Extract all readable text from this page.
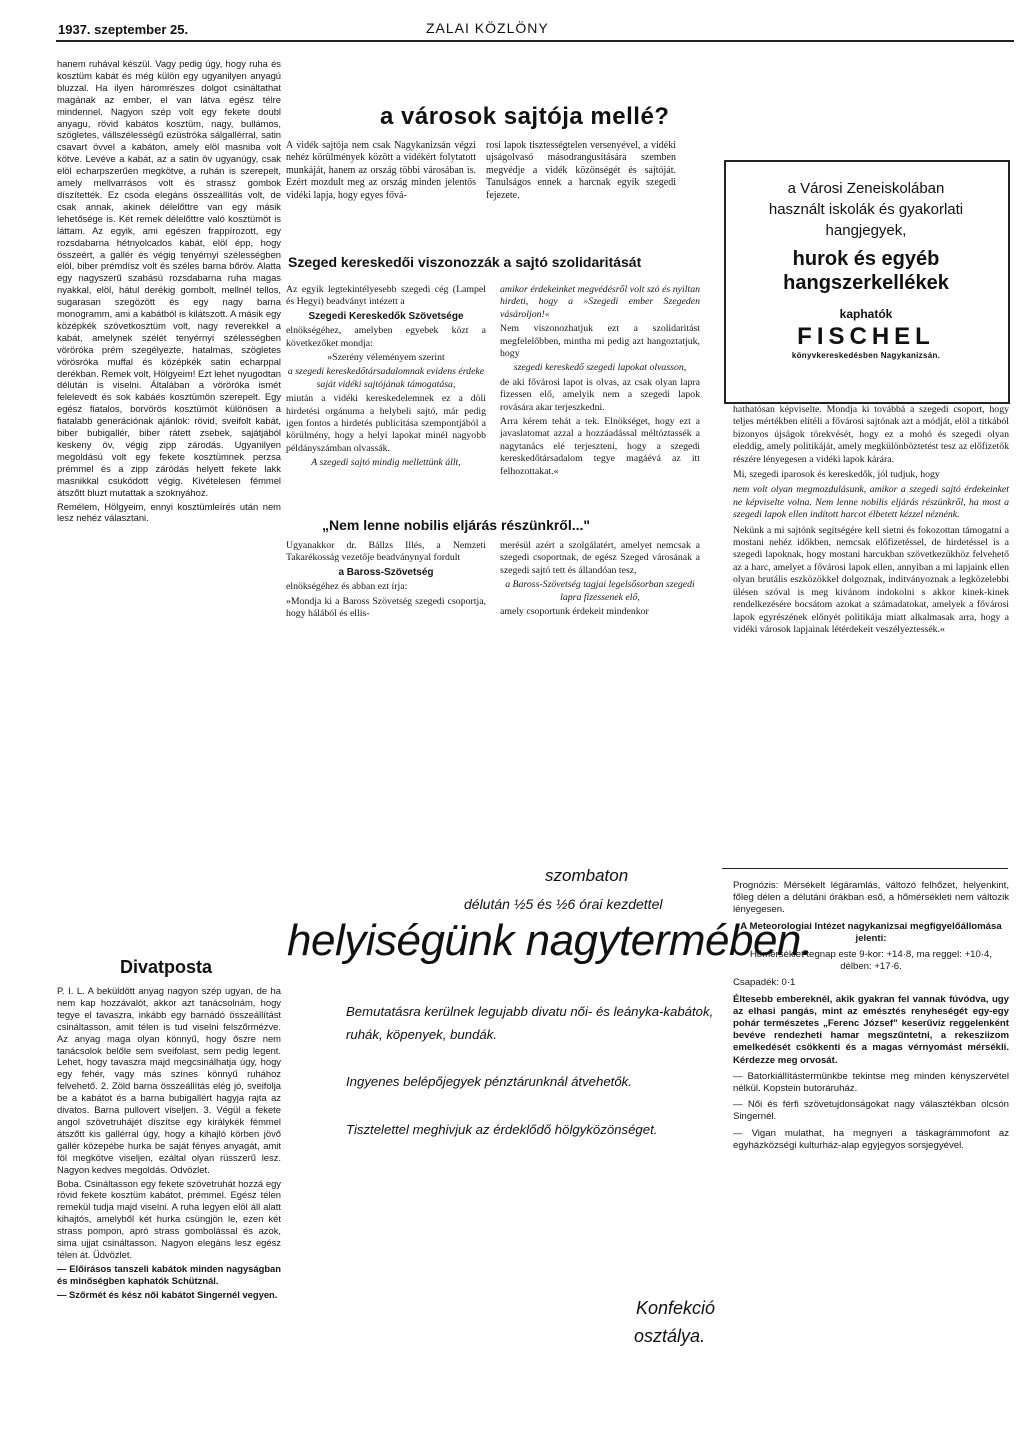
1937. szeptember 25.	ZALAI KÖZLÖNY

hanem ruhával készül. Vagy pedig úgy, hogy ruha és kosztüm kabát és még külön egy ugyanilyen anyagú bluzzal. Ha ilyen háromrészes dolgot csináltathat magának az ember, el van látva egész télre mindennel. Nagyon szép volt egy fekete doubl anyagu, rövid kabátos kosztüm, nagy, bullámos, szögletes, vállszélességű ezüstróka sálgallérral, satin csavart övvel a kabáton, amely elöl masniba volt kötve. Levéve a kabát, az a satin öv ugyanúgy, csak elöl echarpszerűen megkötve, a ruhán is szerepelt, amely mellvarrásos volt és strassz gombok díszítették. Ez csoda elegáns összeállítás volt, de csak annak, akinek délelőttre van egy másik lehetősége is. Két remek délelőttre való kosztümöt is láttam. Az egyik, ami egészen frappírozott, egy rozsdabarna hétnyolcados kabát, elöl épp, hogy összeért, a gallér és végig tenyérnyi szélességben elöl, biber prémdísz volt és széles barna bőröv. Alatta egy nagyszerű szabású rozsdabarna ruha magas nyakkal, elöl, hátul derékig gombolt, mellnél tellos, sugarasan szegözött és egy nagy barna monogramm, ami a kabátból is kilátszott. A másik egy középkék szövetkosztüm volt, nagy reverekkel a kabát, amelynek szélét tenyérnyi szélességben vöröróka prém szegélyezte, hatalmas, szögletes vörösróka muffal és középkék satin echarppal derékban. Remek volt, Hölgyeim! Ezt lehet nyugodtan délután is viselni. Általában a vöröróka ismét felelevedt és sok kabáés kosztümön szerepelt. Egy egész fiatalos, borvörös kosztümöt különösen a fiatalabb generációnak ajánlok: rövid, sveifolt kabát, biber bubigallér, biber rátett zsebek, sajátjából keskeny öv, végig zipp zárodás. Ugyanilyen megoldású volt egy fekete kosztümnek perzsa prémmel és a zipp záródás helyett fekete lakk masnikkal csukódott végig. Kivételesen fémmel átszőtt bluzt mutattak a szoknyához.

Remélem, Hölgyeim, ennyi kosztümleírés után nem lesz nehéz választani.

Divatposta

P. I. L. A beküldött anyag nagyon szép ugyan, de ha nem kap hozzávalót, akkor azt tanácsolnám, hogy tegye el tavaszra, inkább egy barnádó összeállítást csináltasson, amit télen is tud viselni felszőrmézve. Az anyag maga olyan könnyű, hogy őszre nem tanácsolok belőle sem sveifolast, sem pedig legent. Lehet, hogy tavaszra majd megcsinálhatja úgy, hogy egy fehér, vagy más színes könnyű ruhához felvehető. 2. Zöld barna összeállítás elég jó, sveifolja be a kabátot és a barna bubigallért hagyja rajta az divatos. Barna pullovert viseljen. 3. Végül a fekete angol szövetruhájét díszítse egy királykék fémmel átszőtt kis gallérral úgy, hogy a kihajló körben jövő gallér közepébe hurka be saját fényes anyagát, amit föl megkötve viseljen, ezáltal olyan rüsszerű lesz. Nagyon kedves megoldás. Odvözlet.

Boba. Csináltasson egy fekete szövetruhát hozzá egy rövid fekete kosztüm kabátot, prémmel. Egész télen remekül tudja majd viselni. A ruha legyen elöl áll alatt kihajtós, amelyből két hurka csüngjön le, ezen két strass pompon, apró strass gombolással és azok, sima ujjat csináltasson. Nagyon elegáns lesz egész télen át. Üdvözlet.

— Előírásos tanszeli kabátok minden nagyságban és minőségben kaphatók Schütznál.

— Szőrmét és kész női kabátot Singernél vegyen.

a városok sajtója mellé?
A vidék sajtója nem csak Nagykanizsán végzi nehéz körülmények között a vidékért folytatott munkáját, hanem az ország többi városában is. Ezért mozdult meg az ország minden jelentős vidéki lapja, hogy egyes fővá-
rosi lapok tisztességtelen versenyével, a vidéki ujságolvasó másodrangusítására szemben megvédje a vidék közönségét és sajtóját. Tanulságos ennek a harcnak egyik szegedi fejezete.
Szeged kereskedői viszonozzák a sajtó szolidaritását

Az egyik legtekintélyesebb szegedi cég (Lampel és Hegyi) beadványt intézett a

Szegedi Kereskedők Szövetsége

elnökségéhez, amelyben egyebek közt a következőket mondja:

»Szerény véleményem szerint

a szegedi kereskedőtársadalomnak evidens érdeke saját vidéki sajtójának támogatása,

miután a vidéki kereskedelemnek ez a döli hirdetési orgánuma a helybeli sajtó, már pedig igen fontos a hirdetés publicitása szempontjából a körülmény, hogy a helyi lapokat minél nagyobb példányszámban olvassák.

A szegedi sajtó mindig mellettünk állt,

amikor érdekeinket megvédésről volt szó és nyiltan hirdeti, hogy a »Szegedi ember Szegeden vásároljon!«

Nem viszonozhatjuk ezt a szolidaritást megfelelőbben, mintha mi pedig azt hangoztatjuk, hogy

szegedi kereskedő szegedi lapokat olvasson,

de aki fővárosi lapot is olvas, az csak olyan lapra fizessen elő, amelyik nem a szegedi lapok rovására akar terjeszkedni.

Arra kérem tehát a tek. Elnökséget, hogy ezt a javaslatomat azzal a hozzáadással méltóztassék a nagytanács elé terjeszteni, hogy a szegedi kereskedőtársadalom tegye magáévá az itt felhozottakat.«

„Nem lenne nobilis eljárás részünkről..."

Ugyanakkor dr. Bállzs Illés, a Nemzeti Takarékosság vezetője beadványnyal fordult

a Baross-Szövetség

elnökségéhez és abban ezt írja:

»Mondja ki a Baross Szövetség szegedi csoportja, hogy hálából és ellis-

merésül azért a szolgálatért, amelyet nemcsak a szegedi csoportnak, de egész Szeged városának a szegedi sajtó tett és állandóan tesz,

a Baross-Szövetség tagjai legelsősorban szegedi lapra fizessenek elő,

amely csoportunk érdekeit mindenkor

a Városi Zeneiskolában
használt iskolák és gyakorlati hangjegyek,
hurok és egyéb hangszerkellékek
kaphatók
FISCHEL
könyvkereskedésben Nagykanizsán.

hathatósan képviselte. Mondja ki továbbá a szegedi csoport, hogy teljes mértékben elítéli a fővárosi sajtónak azt a módját, elöl a titkából bizonyos újságok törekvését, hogy ez a mohó és szegedi olyan eleddig, amely politikáját, amely megkülönböztetést tesz az előfizetők részére lényegesen a vidéki lapok kárára.

Mi, szegedi iparosok és kereskedők, jól tudjuk, hogy

nem volt olyan megmozdulásunk, amikor a szegedi sajtó érdekeinket ne képviselte volna. Nem lenne nobilis eljárás részünkről, ha most a szegedi lapok ellen indított harcot élbetett kézzel néznénk.

Nekünk a mi sajtónk segítségére kell sietni és fokozottan támogatni a mostani nehéz időkben, nemcsak előfizetéssel, de hirdetéssel is a szegedi lapoknak, hogy mostani harcukban szövetkezükhöz felvehető az a harc, amelyet a fővárosi lapok ellen, annyiban a mi lapjaink ellen olyan brutális eszközökkel dolgoznak, inditványoznak a legközelebbi ülésen szóval is meg kivánom indokolni s akkor kinek-kinek rendelkezésére bocsátom azokat a számadatokat, amelyek a fővárosi lapok egyrészének előnyét politikája miatt alkalmasak arra, hogy a vidéki városok lapjainak létérdekeit veszélyeztessék.«

Prognózis: Mérsékelt légáramlás, változó felhőzet, helyenkint, főleg délen a délutáni órákban eső, a hőmérsékleti nem változik lényegesen.

A Meteorologiai Intézet nagykanizsai megfigyelőállomása jelenti:

Hőmérséklet tegnap este 9-kor: +14·8, ma reggel: +10·4, délben: +17·6.

Csapadék: 0·1

Éltesebb embereknél, akik gyakran fel vannak fúvódva, ugy az elhasi pangás, mint az emésztés renyheségét egy-egy pohár természetes „Ferenc József" keserűviz reggelenként bevéve rendezheti hamar megszűntetni, a rekesziizom emelkedését csökkenti és a magas vérnyomást mérsékli. Kérdezze meg orvosát.

— Batorkiállítástermünkbe tekintse meg minden kényszervétel nélkül. Kopstein butoráruház.

— Női és férfi szövetujdonságokat nagy választékban olcsón Singernél.

— Vigan mulathat, ha megnyeri a táskagrámmofont az egyházközségi kulturház-alap egyjegyos sorsjegyével.

szombaton
délután ½5 és ½6 órai kezdettel
helyiségünk nagytermében.
Bemutatásra kerülnek legujabb divatu női- és leányka-kabátok, ruhák, köpenyek, bundák.
Ingyenes belépőjegyek pénztárunknál átvehetők.
Tisztelettel meghivjuk az érdeklődő hölgyközönséget.
Konfekció
osztálya.
